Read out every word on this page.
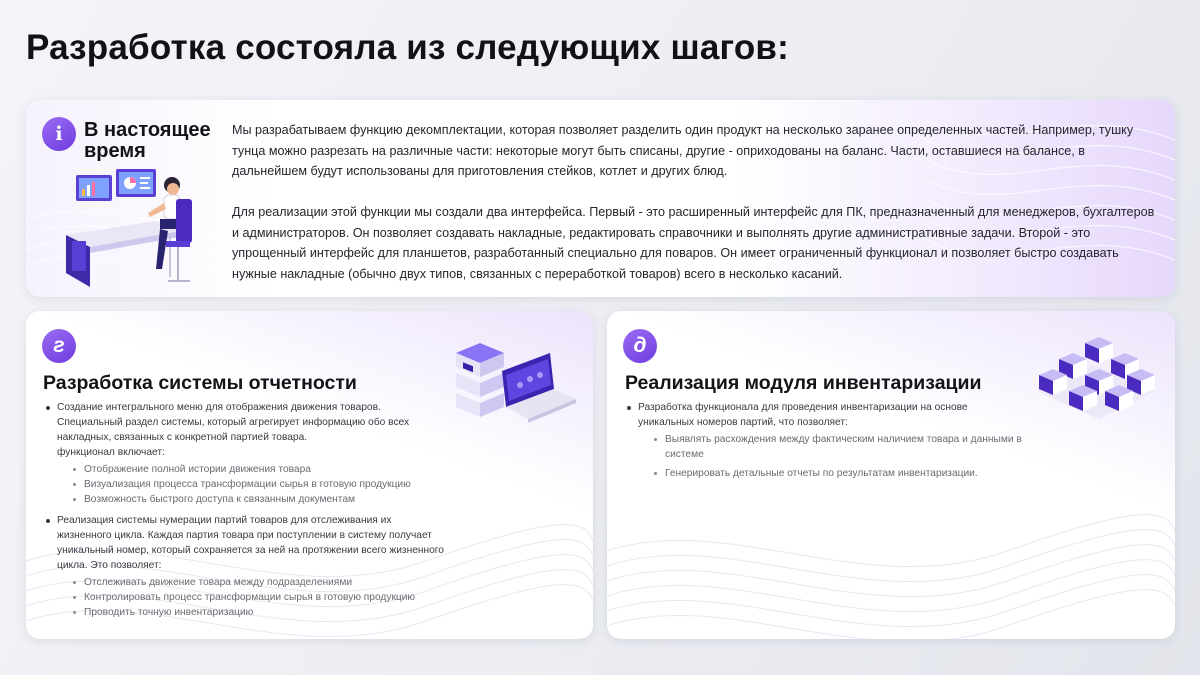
Разработка состояла из следующих шагов:
i	В настоящее время

Мы разрабатываем функцию декомплектации, которая позволяет разделить один продукт на несколько заранее определенных частей. Например, тушку тунца можно разрезать на различные части: некоторые могут быть списаны, другие - оприходованы на баланс. Части, оставшиеся на балансе, в дальнейшем будут использованы для приготовления стейков, котлет и других блюд.

Для реализации этой функции мы создали два интерфейса. Первый - это расширенный интерфейс для ПК, предназначенный для менеджеров, бухгалтеров и администраторов. Он позволяет создавать накладные, редактировать справочники и выполнять другие административные задачи. Второй - это упрощенный интерфейс для планшетов, разработанный специально для поваров. Он имеет ограниченный функционал и позволяет быстро создавать нужные накладные (обычно двух типов, связанных с переработкой товаров) всего в несколько касаний.

г
Разработка системы отчетности
Создание интегрального меню для отображения движения товаров. Специальный раздел системы, который агрегирует информацию обо всех накладных, связанных с конкретной партией товара.
функционал включает:
Отображение полной истории движения товара
Визуализация процесса трансформации сырья в готовую продукцию
Возможность быстрого доступа к связанным документам
Реализация системы нумерации партий товаров для отслеживания их жизненного цикла. Каждая партия товара при поступлении в систему получает уникальный номер, который сохраняется за ней на протяжении всего жизненного цикла. Это позволяет:
Отслеживать движение товара между подразделениями
Контролировать процесс трансформации сырья в готовую продукцию
Проводить точную инвентаризацию
д
Реализация модуля инвентаризации
Разработка функционала для проведения инвентаризации на основе уникальных номеров партий, что позволяет:
Выявлять расхождения между фактическим наличием товара и данными в системе
Генерировать детальные отчеты по результатам инвентаризации.
